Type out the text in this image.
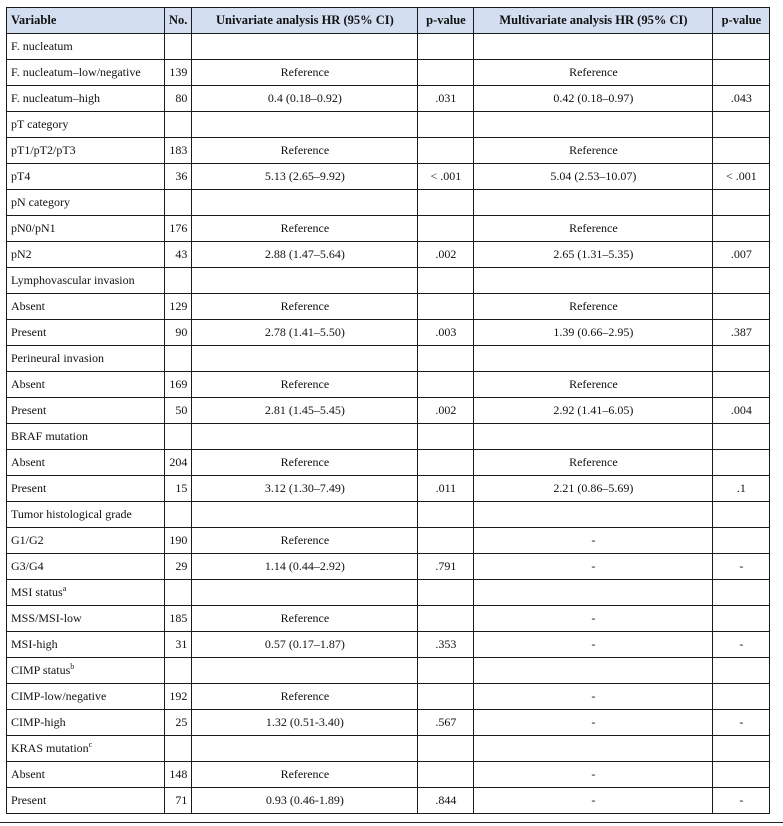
Variable	No.	Univariate analysis HR (95% CI)	p-value	Multivariate analysis HR (95% CI)	p-value
F. nucleatum					
F. nucleatum–low/negative	139	Reference		Reference	
F. nucleatum–high	80	0.4 (0.18–0.92)	.031	0.42 (0.18–0.97)	.043
pT category					
pT1/pT2/pT3	183	Reference		Reference	
pT4	36	5.13 (2.65–9.92)	< .001	5.04 (2.53–10.07)	< .001
pN category					
pN0/pN1	176	Reference		Reference	
pN2	43	2.88 (1.47–5.64)	.002	2.65 (1.31–5.35)	.007
Lymphovascular invasion					
Absent	129	Reference		Reference	
Present	90	2.78 (1.41–5.50)	.003	1.39 (0.66–2.95)	.387
Perineural invasion					
Absent	169	Reference		Reference	
Present	50	2.81 (1.45–5.45)	.002	2.92 (1.41–6.05)	.004
BRAF mutation					
Absent	204	Reference		Reference	
Present	15	3.12 (1.30–7.49)	.011	2.21 (0.86–5.69)	.1
Tumor histological grade					
G1/G2	190	Reference		-	
G3/G4	29	1.14 (0.44–2.92)	.791	-	-
MSI status$^a$					
MSS/MSI-low	185	Reference		-	
MSI-high	31	0.57 (0.17–1.87)	.353	-	-
CIMP status$^b$					
CIMP-low/negative	192	Reference		-	
CIMP-high	25	1.32 (0.51-3.40)	.567	-	-
KRAS mutation$^c$					
Absent	148	Reference		-	
Present	71	0.93 (0.46-1.89)	.844	-	-
